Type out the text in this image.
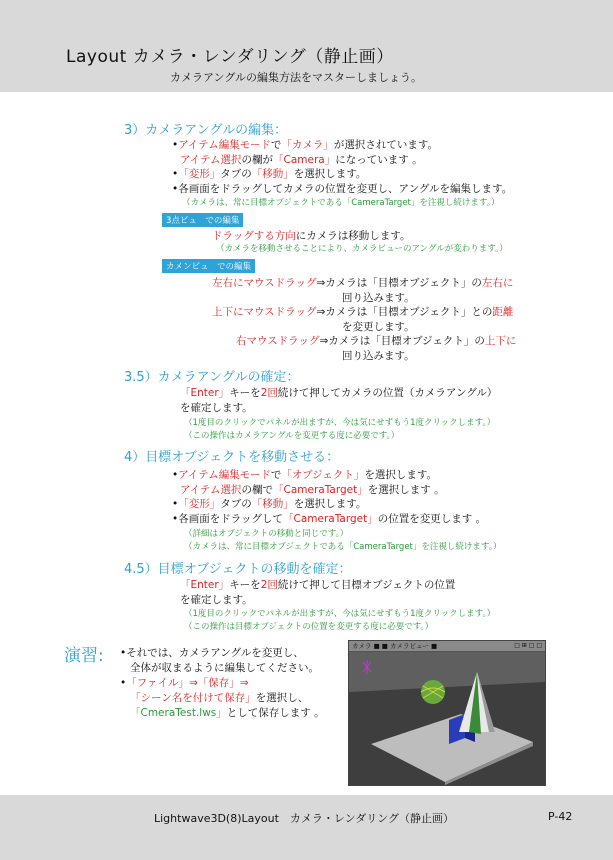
Layout カメラ・レンダリング（静止画）
カメラアングルの編集方法をマスターしましょう。
3）カメラアングルの編集：
•アイテム編集モードで「カメラ」が選択されています。
アイテム選択の欄が「Camera」になっています 。
•「変形」タブの「移動」を選択します。
•各画面をドラッグしてカメラの位置を変更し、アングルを編集します。
（カメラは、常に目標オブジェクトである「CameraTarget」を注視し続けます。）
3点ビュ　での編集
ドラッグする方向にカメラは移動します。
（カメラを移動させることにより、カメラビューのアングルが変わります。）
カメンビュ　での編集
左右にマウスドラッグ⇒カメラは「目標オブジェクト」の左右に
回り込みます。
上下にマウスドラッグ⇒カメラは「目標オブジェクト」との距離
を変更します。
右マウスドラッグ⇒カメラは「目標オブジェクト」の上下に
回り込みます。
3.5）カメラアングルの確定：
「Enter」キーを2回続けて押してカメラの位置（カメラアングル）
を確定します。
（1度目のクリックでパネルが出ますが、今は気にせずもう1度クリックします。）
（この操作はカメラアングルを変更する度に必要です。）
4）目標オブジェクトを移動させる：
•アイテム編集モードで「オブジェクト」を選択します。
アイテム選択の欄で「CameraTarget」を選択します 。
•「変形」タブの「移動」を選択します。
•各画面をドラッグして「CameraTarget」の位置を変更します 。
（詳細はオブジェクトの移動と同じです。）
（カメラは、常に目標オブジェクトである「CameraTarget」を注視し続けます。）
4.5）目標オブジェクトの移動を確定：
「Enter」キーを2回続けて押して目標オブジェクトの位置
を確定します。
（1度目のクリックでパネルが出ますが、今は気にせずもう1度クリックします。）
（この操作は目標オブジェクトの位置を変更する度に必要です。）
演習: •それでは、カメラアングルを変更し、
全体が収まるように編集してください。
•「ファイル」⇒「保存」⇒
「シーン名を付けて保存」を選択し、
「CmeraTest.lws」として保存します 。
カメラ ■ ■ カメラビュー ■	□ ⊞ □ □
Lightwave3D(8)Layout　カメラ・レンダリング（静止画）	P-42
